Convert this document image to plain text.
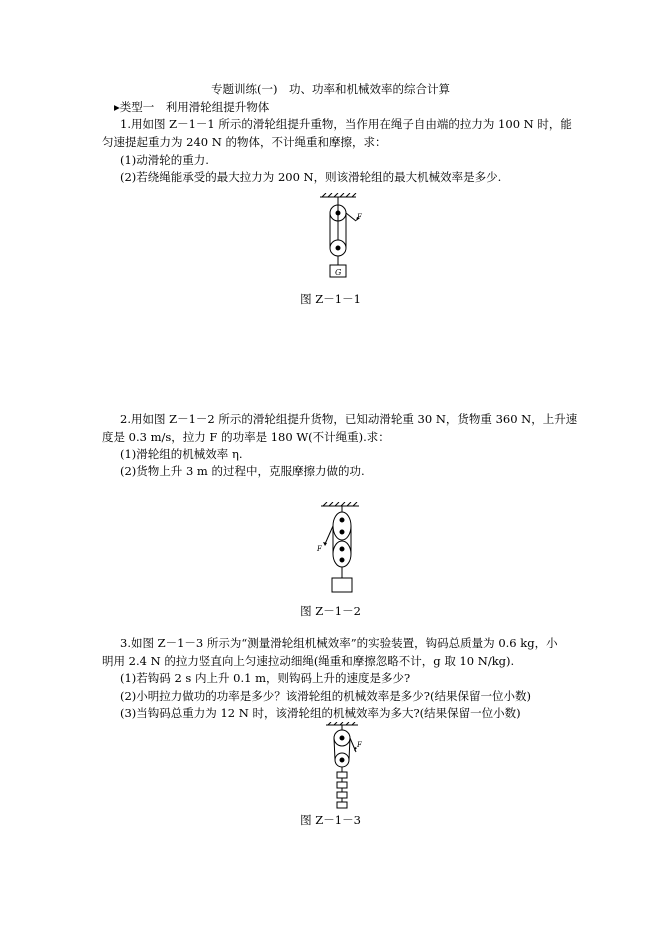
专题训练(一)　功、功率和机械效率的综合计算
▸类型一　利用滑轮组提升物体
1.用如图 Z－1－1 所示的滑轮组提升重物，当作用在绳子自由端的拉力为 100 N 时，能
匀速提起重力为 240 N 的物体，不计绳重和摩擦，求：
(1)动滑轮的重力.
(2)若绕绳能承受的最大拉力为 200 N，则该滑轮组的最大机械效率是多少.
F
G
图 Z－1－1
2.用如图 Z－1－2 所示的滑轮组提升货物，已知动滑轮重 30 N，货物重 360 N，上升速
度是 0.3 m/s，拉力 F 的功率是 180 W(不计绳重).求：
(1)滑轮组的机械效率 η.
(2)货物上升 3 m 的过程中，克服摩擦力做的功.
F
图 Z－1－2
3.如图 Z－1－3 所示为“测量滑轮组机械效率”的实验装置，钩码总质量为 0.6 kg，小
明用 2.4 N 的拉力竖直向上匀速拉动细绳(绳重和摩擦忽略不计，g 取 10 N/kg).
(1)若钩码 2 s 内上升 0.1 m，则钩码上升的速度是多少?
(2)小明拉力做功的功率是多少？该滑轮组的机械效率是多少?(结果保留一位小数)
(3)当钩码总重力为 12 N 时，该滑轮组的机械效率为多大?(结果保留一位小数)
F
图 Z－1－3
